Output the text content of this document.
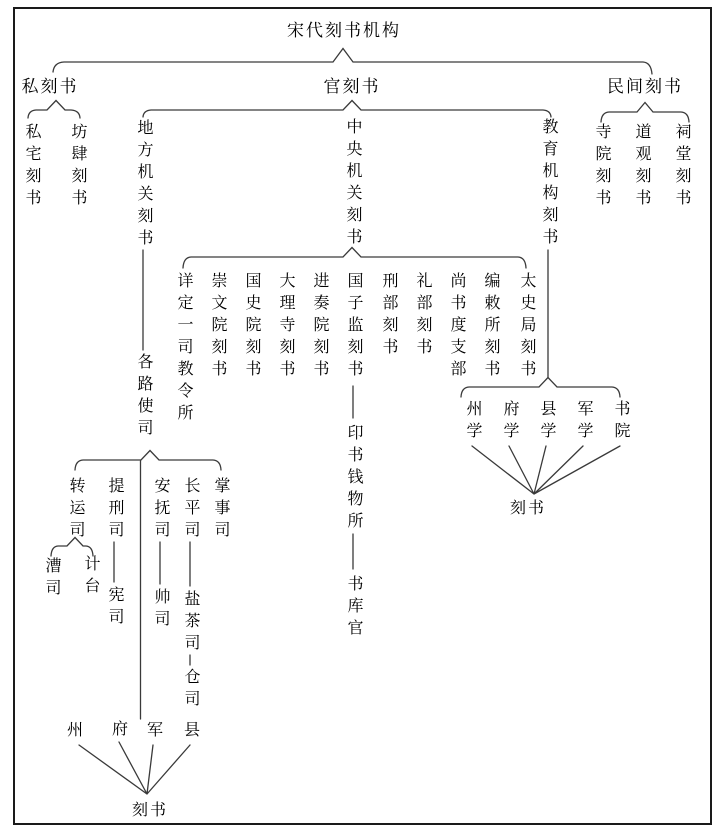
宋代刻书机构
私刻书	官刻书	民间刻书
私宅刻书 坊肆刻书	地方机关刻书	中央机关刻书	教育机构刻书 寺院刻书 道观刻书 祠堂刻书
详定一司教令所 崇文院刻书 国史院刻书 大理寺刻书 进奏院刻书 国子监刻书 刑部刻书 礼部刻书 尚书度支部 编敕所刻书 太史局刻书
印书钱物所
书库官
州学 府学 县学 军学 书院
刻书
各路使司
转运司 提刑司 安抚司 长平司 掌事司
漕司 计台
宪司 帅司 盐茶司
仓司
州 府 军 县
刻书
